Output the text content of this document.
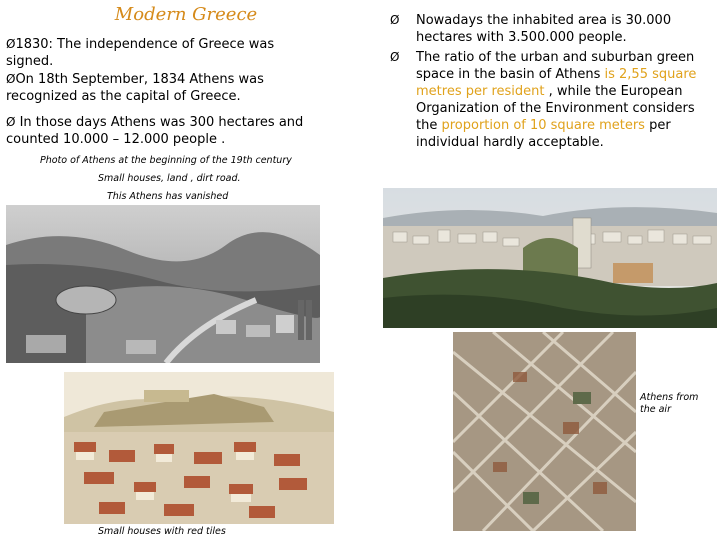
Modern Greece
Ø1830: The independence of Greece was signed.
ØOn 18th September, 1834 Athens was recognized as the capital of Greece.
Ø In those days Athens was 300 hectares and counted 10.000 – 12.000 people .
Photo of Athens at the beginning of the 19th century
Small houses, land , dirt road.
This Athens has vanished
Small houses with red tiles
Ø Nowadays the inhabited area is 30.000 hectares with 3.500.000 people.
Ø The ratio of the urban and suburban green space in the basin of Athens is 2,55 square metres per resident , while the European Organization of the Environment considers the proportion of 10 square meters per individual hardly acceptable.
Athens from
the air
